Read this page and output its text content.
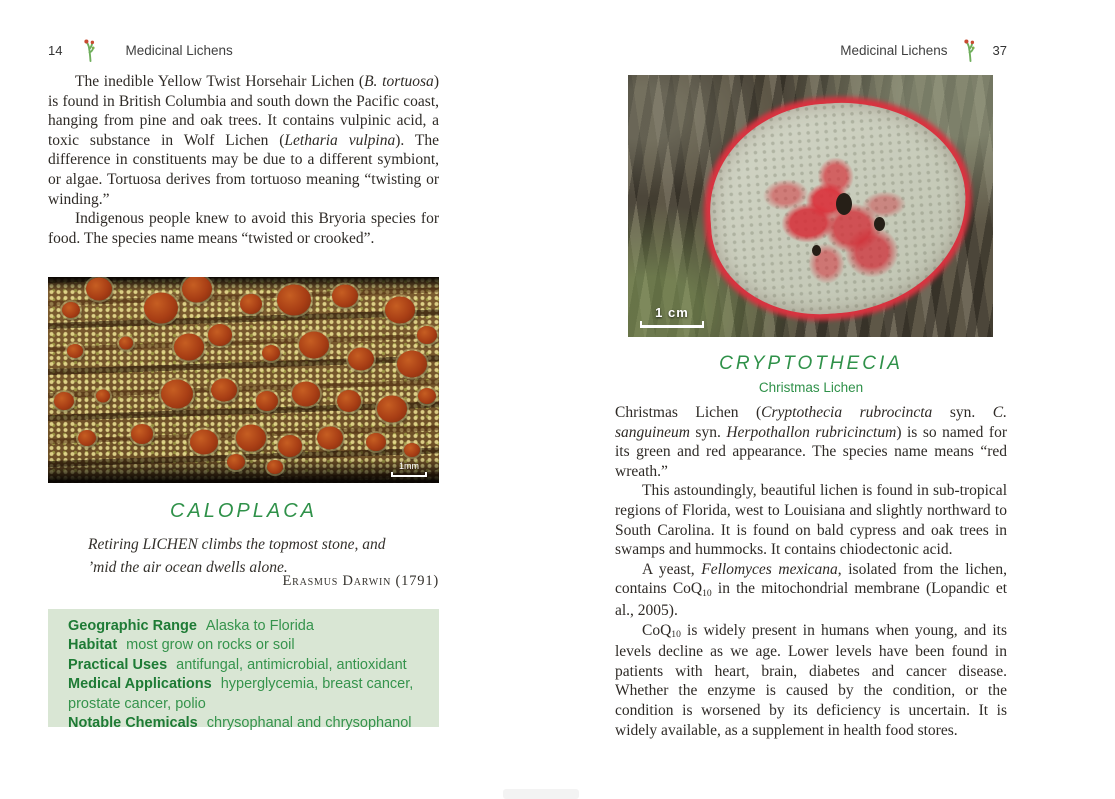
14	Medicinal Lichens

The inedible Yellow Twist Horsehair Lichen (B. tortuosa) is found in British Columbia and south down the Pacific coast, hanging from pine and oak trees. It contains vulpinic acid, a toxic substance in Wolf Lichen (Letharia vulpina). The difference in constituents may be due to a different symbiont, or algae. Tortuosa derives from tortuoso meaning “twisting or winding.”

Indigenous people knew to avoid this Bryoria species for food. The species name means “twisted or crooked”.

1mm
CALOPLACA
Retiring LICHEN climbs the topmost stone, and ’mid the air ocean dwells alone.
Erasmus Darwin (1791)
Geographic Range Alaska to Florida
Habitat most grow on rocks or soil
Practical Uses antifungal, antimicrobial, antioxidant
Medical Applications hyperglycemia, breast cancer, prostate cancer, polio
Notable Chemicals chrysophanal and chrysophanol
Medicinal Lichens	37
1 cm
CRYPTOTHECIA
Christmas Lichen

Christmas Lichen (Cryptothecia rubrocincta syn. C. sanguineum syn. Herpothallon rubricinctum) is so named for its green and red appearance. The species name means “red wreath.”

This astoundingly, beautiful lichen is found in sub-tropical regions of Florida, west to Louisiana and slightly northward to South Carolina. It is found on bald cypress and oak trees in swamps and hummocks. It contains chiodectonic acid.

A yeast, Fellomyces mexicana, isolated from the lichen, contains CoQ$_{10}$ in the mitochondrial membrane (Lopandic et al., 2005).

CoQ$_{10}$ is widely present in humans when young, and its levels decline as we age. Lower levels have been found in patients with heart, brain, diabetes and cancer disease. Whether the enzyme is caused by the condition, or the condition is worsened by its deficiency is uncertain. It is widely available, as a supplement in health food stores.
